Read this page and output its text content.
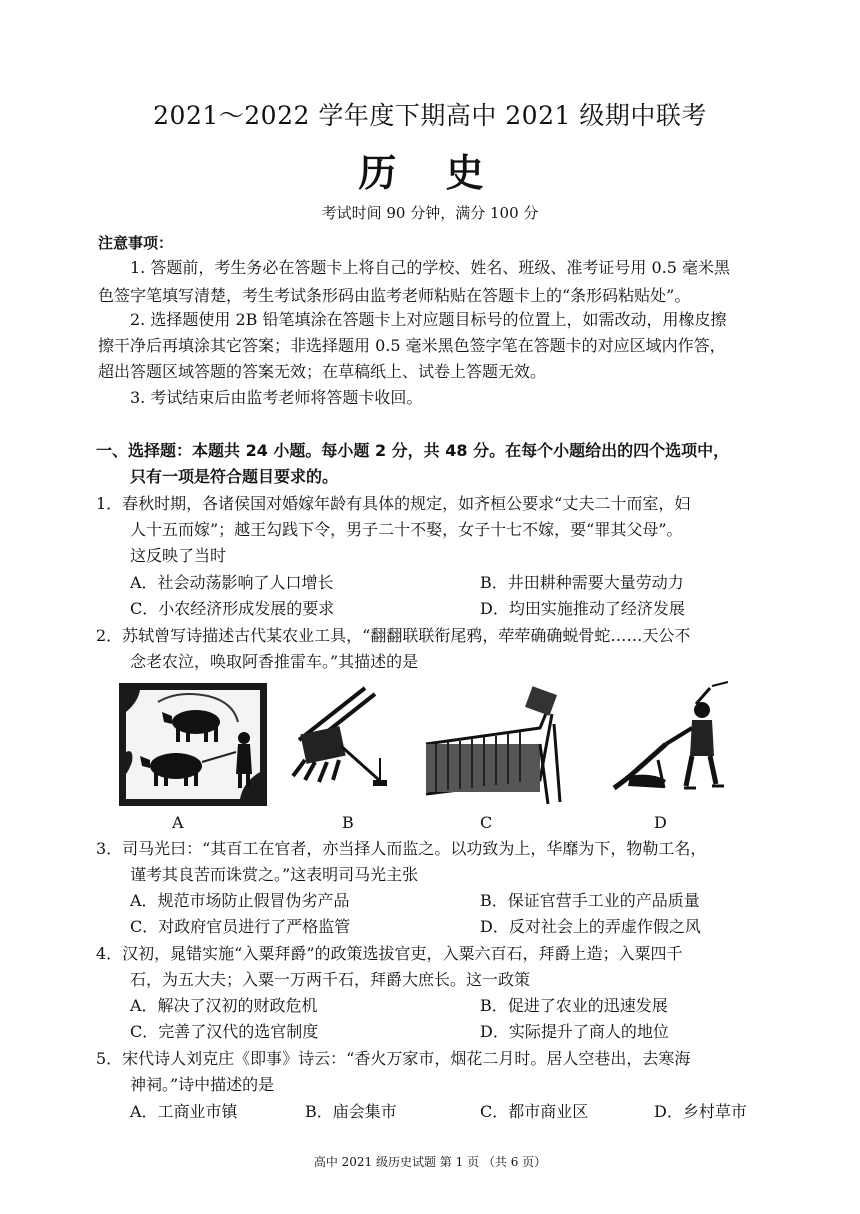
2021～2022 学年度下期高中 2021 级期中联考
历 史
考试时间 90 分钟，满分 100 分
注意事项：
1. 答题前，考生务必在答题卡上将自己的学校、姓名、班级、准考证号用 0.5 毫米黑
色签字笔填写清楚，考生考试条形码由监考老师粘贴在答题卡上的“条形码粘贴处”。
2. 选择题使用 2B 铅笔填涂在答题卡上对应题目标号的位置上，如需改动，用橡皮擦
擦干净后再填涂其它答案；非选择题用 0.5 毫米黑色签字笔在答题卡的对应区域内作答，
超出答题区域答题的答案无效；在草稿纸上、试卷上答题无效。
3. 考试结束后由监考老师将答题卡收回。
一、选择题：本题共 24 小题。每小题 2 分，共 48 分。在每个小题给出的四个选项中，
只有一项是符合题目要求的。
1．春秋时期，各诸侯国对婚嫁年龄有具体的规定，如齐桓公要求“丈夫二十而室，妇
人十五而嫁”；越王勾践下令，男子二十不娶，女子十七不嫁，要“罪其父母”。
这反映了当时
A．社会动荡影响了人口增长	B．井田耕种需要大量劳动力
C．小农经济形成发展的要求	D．均田实施推动了经济发展
2．苏轼曾写诗描述古代某农业工具，“翻翻联联衔尾鸦，荦荦确确蜕骨蛇……天公不
念老农泣，唤取阿香推雷车。”其描述的是
A	B	C	D
3．司马光曰：“其百工在官者，亦当择人而监之。以功致为上，华靡为下，物勒工名，
谨考其良苦而诛赏之。”这表明司马光主张
A．规范市场防止假冒伪劣产品	B．保证官营手工业的产品质量
C．对政府官员进行了严格监管	D．反对社会上的弄虚作假之风
4．汉初，晁错实施“入粟拜爵”的政策选拔官吏，入粟六百石，拜爵上造；入粟四千
石，为五大夫；入粟一万两千石，拜爵大庶长。这一政策
A．解决了汉初的财政危机	B．促进了农业的迅速发展
C．完善了汉代的选官制度	D．实际提升了商人的地位
5．宋代诗人刘克庄《即事》诗云：“香火万家市，烟花二月时。居人空巷出，去寒海
神祠。”诗中描述的是
A．工商业市镇	B．庙会集市	C．都市商业区	D．乡村草市
高中 2021 级历史试题 第 1 页 （共 6 页）
